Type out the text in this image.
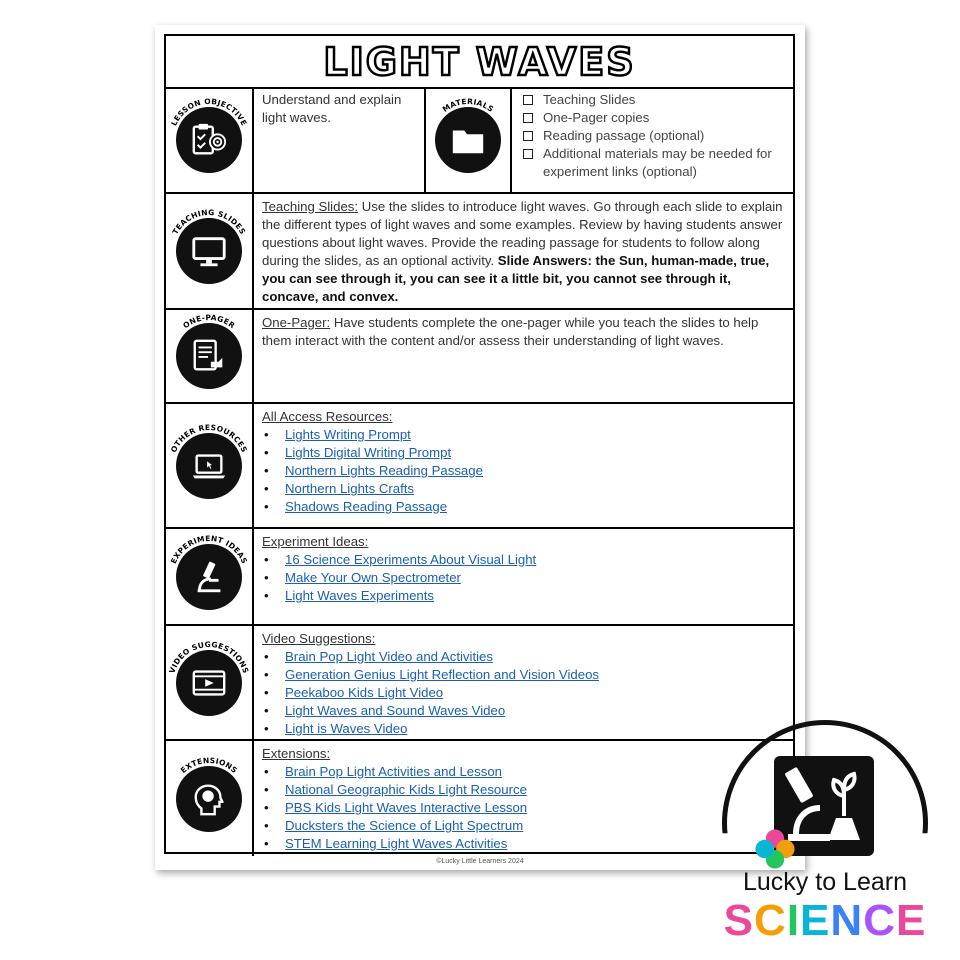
LIGHT WAVES
LESSON OBJECTIVE
Understand and explain light waves.
MATERIALS
Teaching Slides
One-Pager copies
Reading passage (optional)
Additional materials may be needed for experiment links (optional)
TEACHING SLIDES
Teaching Slides: Use the slides to introduce light waves. Go through each slide to explain the different types of light waves and some examples. Review by having students answer questions about light waves. Provide the reading passage for students to follow along during the slides, as an optional activity. Slide Answers: the Sun, human-made, true, you can see through it, you can see it a little bit, you cannot see through it, concave, and convex.
ONE-PAGER One-Pager: Have students complete the one-pager while you teach the slides to help them interact with the content and/or assess their understanding of light waves.
OTHER RESOURCES
All Access Resources:
• Lights Writing Prompt
• Lights Digital Writing Prompt
• Northern Lights Reading Passage
• Northern Lights Crafts
• Shadows Reading Passage
EXPERIMENT IDEAS
Experiment Ideas:
• 16 Science Experiments About Visual Light
• Make Your Own Spectrometer
• Light Waves Experiments
VIDEO SUGGESTIONS
Video Suggestions:
• Brain Pop Light Video and Activities
• Generation Genius Light Reflection and Vision Videos
• Peekaboo Kids Light Video
• Light Waves and Sound Waves Video
• Light is Waves Video
EXTENSIONS
Extensions:
• Brain Pop Light Activities and Lesson
• National Geographic Kids Light Resource
• PBS Kids Light Waves Interactive Lesson
• Ducksters the Science of Light Spectrum
• STEM Learning Light Waves Activities
©Lucky Little Learners 2024
Lucky to Learn
SCIENCE
